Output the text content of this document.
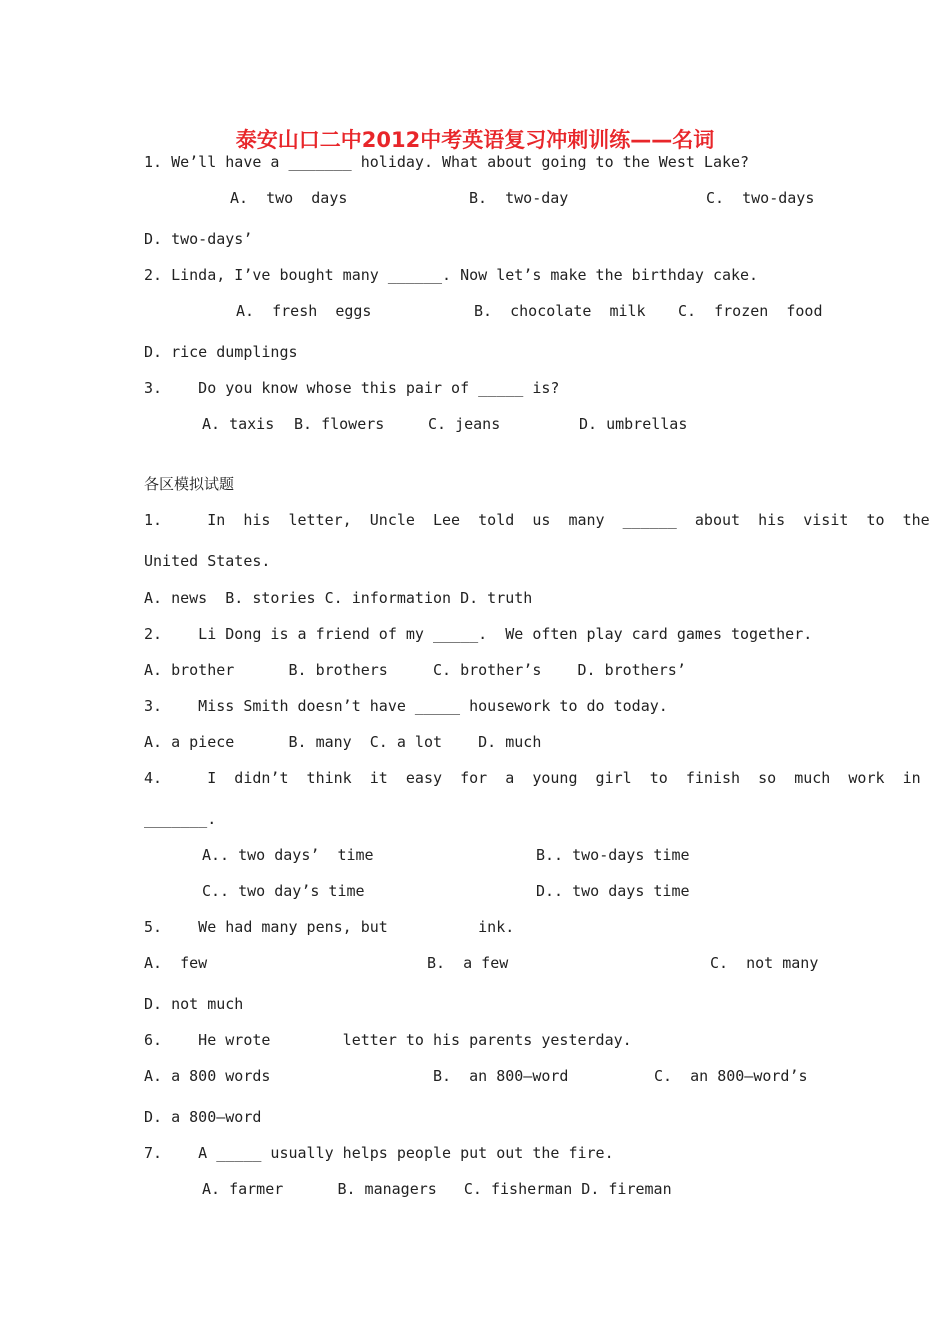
泰安山口二中2012中考英语复习冲刺训练——名词
1. We’ll have a _______ holiday. What about going to the West Lake?
A.  two  days	B.  two-day	C.  two-days
D. two-days’
2. Linda, I’ve bought many ______. Now let’s make the birthday cake.
A.  fresh  eggs	B.  chocolate  milk C.  frozen  food
D. rice dumplings
3.    Do you know whose this pair of _____ is?
A. taxis B. flowers	C. jeans	D. umbrellas
各区模拟试题
1.     In  his  letter,  Uncle  Lee  told  us  many  ______  about  his  visit  to  the
United States.
A. news  B. stories C. information D. truth
2.    Li Dong is a friend of my _____.  We often play card games together.
A. brother      B. brothers     C. brother’s    D. brothers’
3.    Miss Smith doesn’t have _____ housework to do today.
A. a piece      B. many  C. a lot    D. much
4.     I  didn’t  think  it  easy  for  a  young  girl  to  finish  so  much  work  in
_______.
A.. two days’  time	B.. two-days time
C.. two day’s time	D.. two days time
5.    We had many pens, but          ink.
A.  few	B.  a few	C.  not many
D. not much
6.    He wrote        letter to his parents yesterday.
A. a 800 words	B.  an 800—word	C.  an 800—word’s
D. a 800—word
7.    A _____ usually helps people put out the fire.
A. farmer      B. managers   C. fisherman D. fireman
